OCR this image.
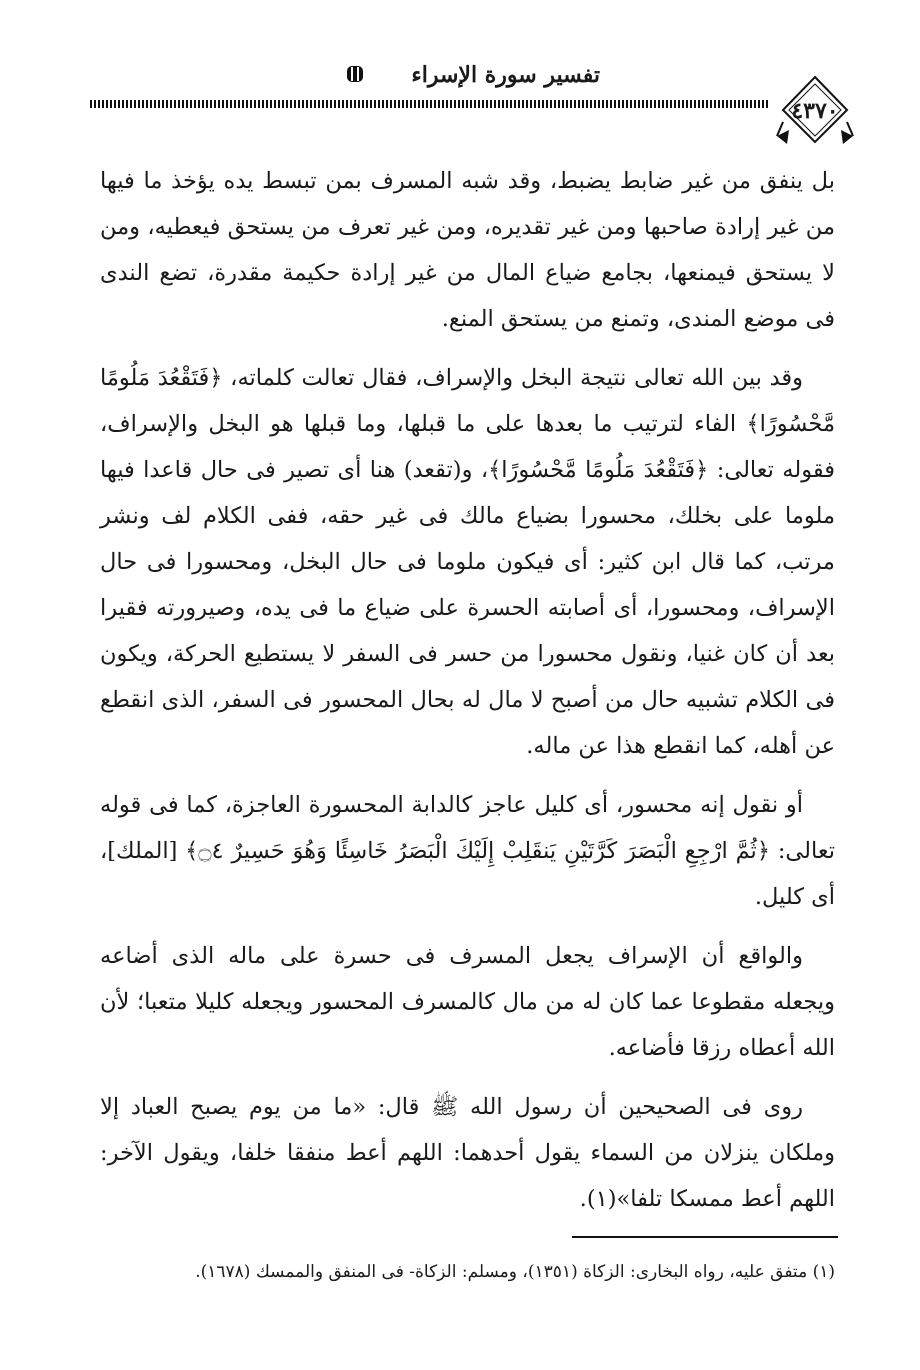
تفسير سورة الإسراء
٤٣٧٠

بل ينفق من غير ضابط يضبط، وقد شبه المسرف بمن تبسط يده يؤخذ ما فيها من غير إرادة صاحبها ومن غير تقديره، ومن غير تعرف من يستحق فيعطيه، ومن لا يستحق فيمنعها، بجامع ضياع المال من غير إرادة حكيمة مقدرة، تضع الندى فى موضع المندى، وتمنع من يستحق المنع.

وقد بين الله تعالى نتيجة البخل والإسراف، فقال تعالت كلماته، ﴿فَتَقْعُدَ مَلُومًا مَّحْسُورًا﴾ الفاء لترتيب ما بعدها على ما قبلها، وما قبلها هو البخل والإسراف، فقوله تعالى: ﴿فَتَقْعُدَ مَلُومًا مَّحْسُورًا﴾، و(تقعد) هنا أى تصير فى حال قاعدا فيها ملوما على بخلك، محسورا بضياع مالك فى غير حقه، ففى الكلام لف ونشر مرتب، كما قال ابن كثير: أى فيكون ملوما فى حال البخل، ومحسورا فى حال الإسراف، ومحسورا، أى أصابته الحسرة على ضياع ما فى يده، وصيرورته فقيرا بعد أن كان غنيا، ونقول محسورا من حسر فى السفر لا يستطيع الحركة، ويكون فى الكلام تشبيه حال من أصبح لا مال له بحال المحسور فى السفر، الذى انقطع عن أهله، كما انقطع هذا عن ماله.

أو نقول إنه محسور، أى كليل عاجز كالدابة المحسورة العاجزة، كما فى قوله تعالى: ﴿ثُمَّ ارْجِعِ الْبَصَرَ كَرَّتَيْنِ يَنقَلِبْ إِلَيْكَ الْبَصَرُ خَاسِئًا وَهُوَ حَسِيرٌ ۝٤﴾ [الملك]، أى كليل.

والواقع أن الإسراف يجعل المسرف فى حسرة على ماله الذى أضاعه ويجعله مقطوعا عما كان له من مال كالمسرف المحسور ويجعله كليلا متعبا؛ لأن الله أعطاه رزقا فأضاعه.

روى فى الصحيحين أن رسول الله ﷺ قال: «ما من يوم يصبح العباد إلا وملكان ينزلان من السماء يقول أحدهما: اللهم أعط منفقا خلفا، ويقول الآخر: اللهم أعط ممسكا تلفا»(١).

(١) متفق عليه، رواه البخارى: الزكاة (١٣٥١)، ومسلم: الزكاة- فى المنفق والممسك (١٦٧٨).
